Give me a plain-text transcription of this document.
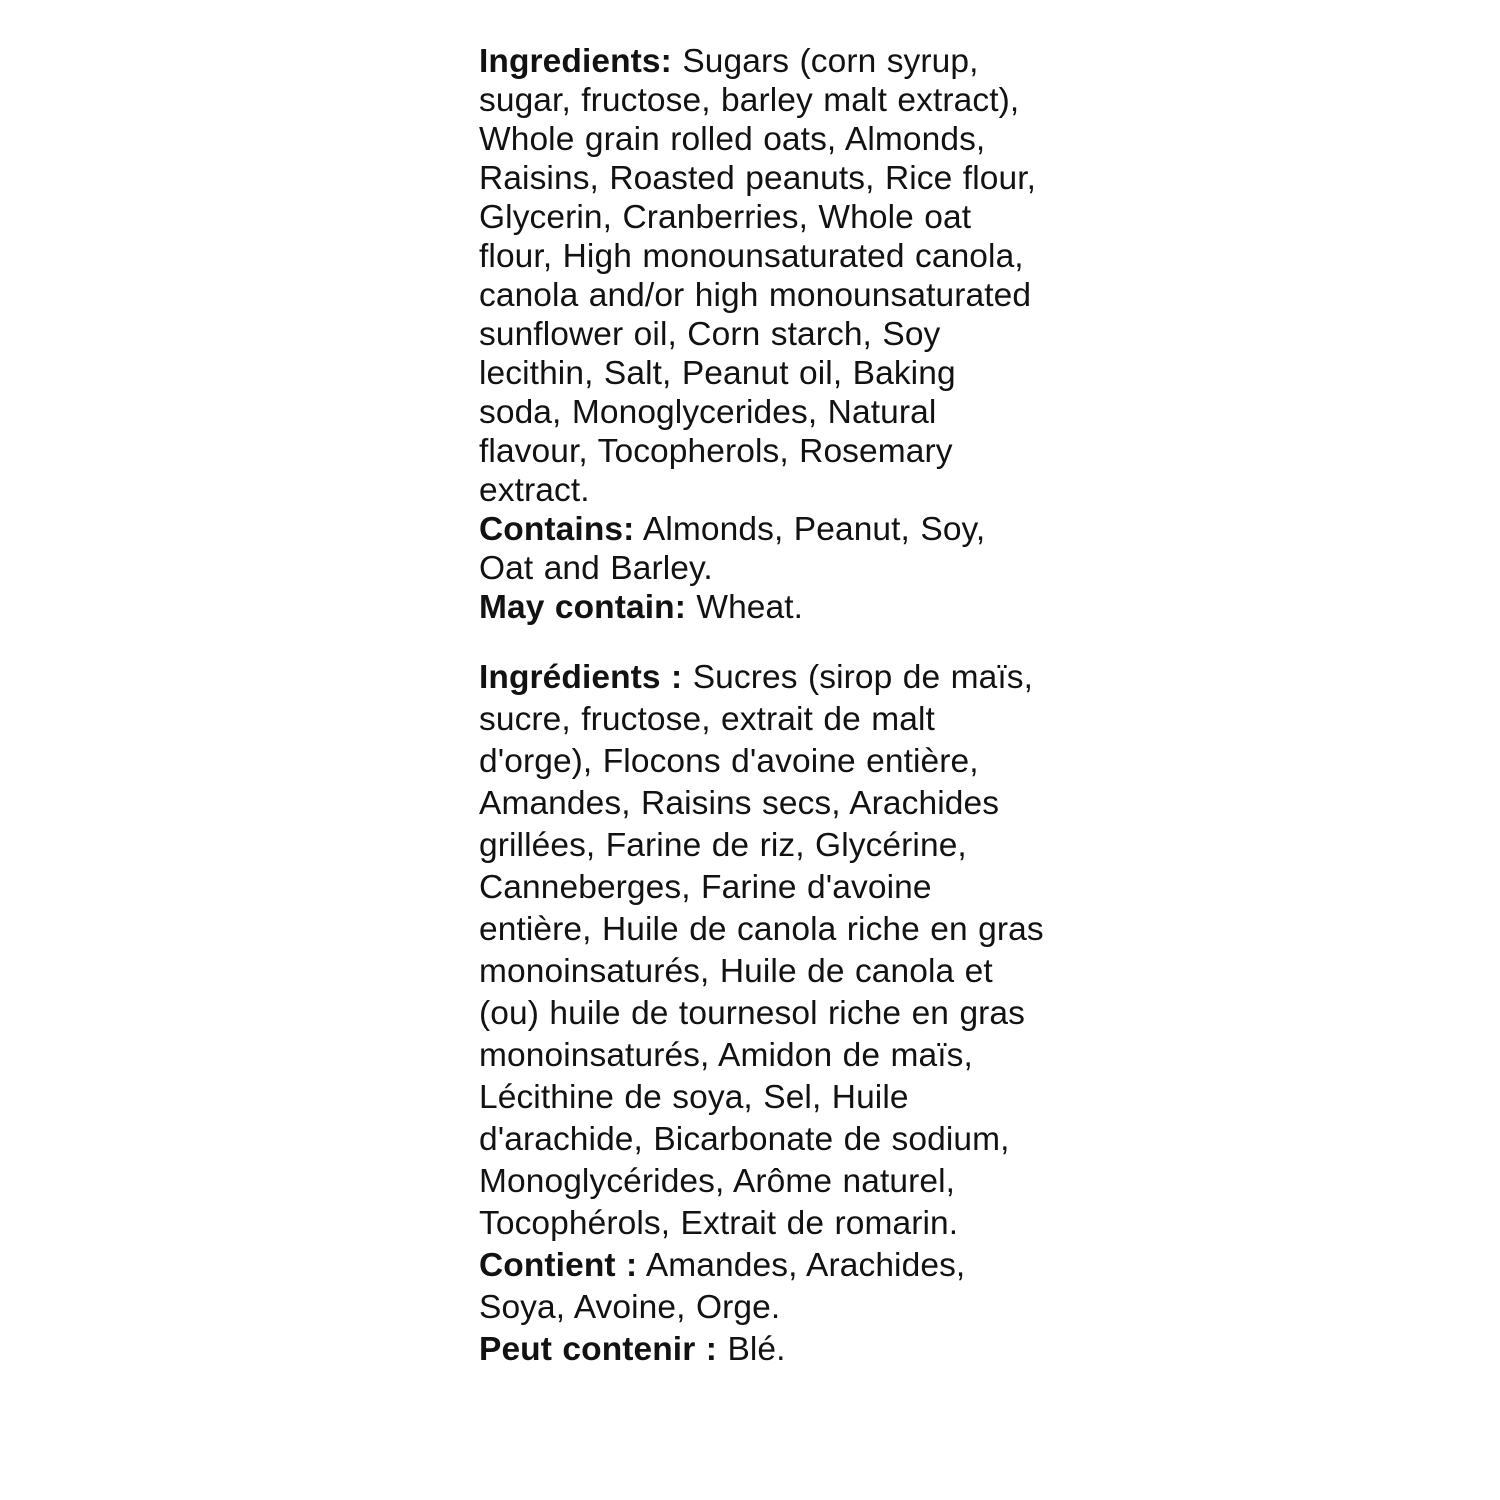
Ingredients: Sugars (corn syrup, sugar, fructose, barley malt extract), Whole grain rolled oats, Almonds, Raisins, Roasted peanuts, Rice flour, Glycerin, Cranberries, Whole oat flour, High monounsaturated canola, canola and/or high monounsaturated sunflower oil, Corn starch, Soy lecithin, Salt, Peanut oil, Baking soda, Monoglycerides, Natural flavour, Tocopherols, Rosemary extract.

Contains: Almonds, Peanut, Soy, Oat and Barley.

May contain: Wheat.

Ingrédients : Sucres (sirop de maïs, sucre, fructose, extrait de malt d'orge), Flocons d'avoine entière, Amandes, Raisins secs, Arachides grillées, Farine de riz, Glycérine, Canneberges, Farine d'avoine entière, Huile de canola riche en gras monoinsaturés, Huile de canola et (ou) huile de tournesol riche en gras monoinsaturés, Amidon de maïs, Lécithine de soya, Sel, Huile d'arachide, Bicarbonate de sodium, Monoglycérides, Arôme naturel, Tocophérols, Extrait de romarin.

Contient : Amandes, Arachides, Soya, Avoine, Orge.

Peut contenir : Blé.
